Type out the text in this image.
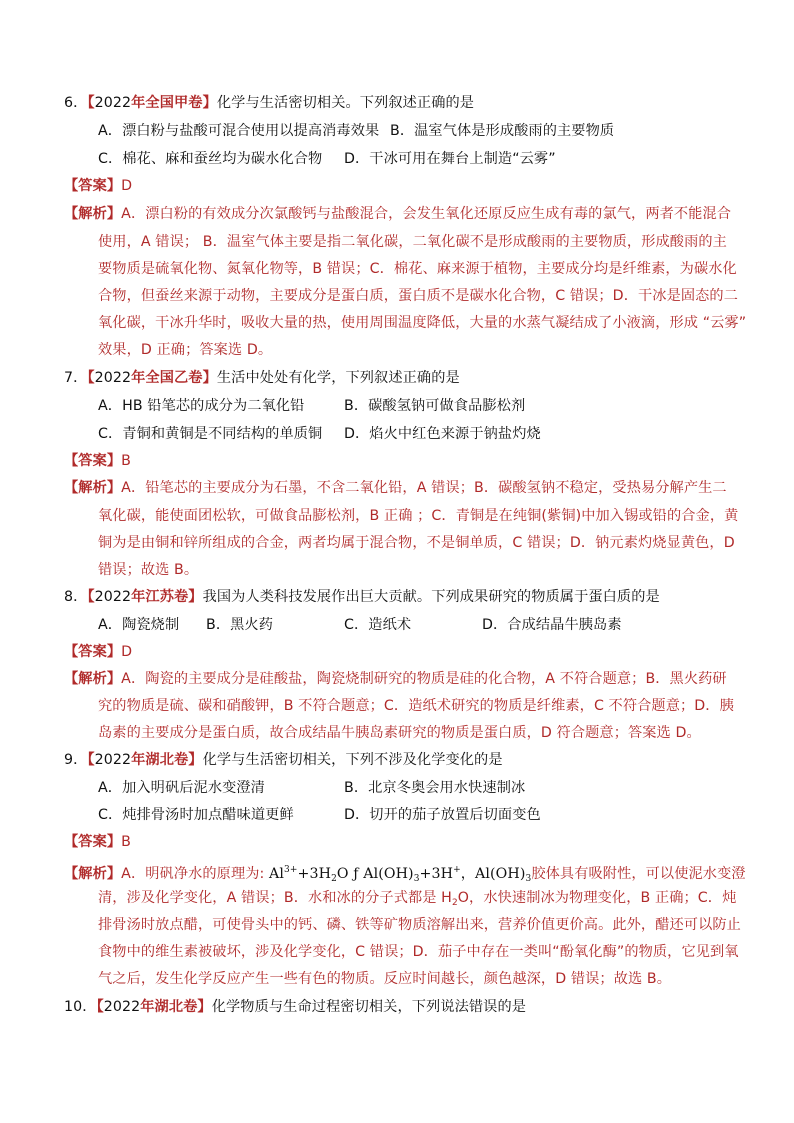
6．【2022年全国甲卷】化学与生活密切相关。下列叙述正确的是
A．漂白粉与盐酸可混合使用以提高消毒效果 B．温室气体是形成酸雨的主要物质
C．棉花、麻和蚕丝均为碳水化合物 D．干冰可用在舞台上制造“云雾”
【答案】D
【解析】A．漂白粉的有效成分次氯酸钙与盐酸混合，会发生氧化还原反应生成有毒的氯气，两者不能混合
使用，A 错误； B．温室气体主要是指二氧化碳，二氧化碳不是形成酸雨的主要物质，形成酸雨的主
要物质是硫氧化物、氮氧化物等，B 错误；C．棉花、麻来源于植物，主要成分均是纤维素，为碳水化
合物，但蚕丝来源于动物，主要成分是蛋白质，蛋白质不是碳水化合物，C 错误；D．干冰是固态的二
氧化碳，干冰升华时，吸收大量的热，使用周围温度降低，大量的水蒸气凝结成了小液滴，形成 “云雾”
效果，D 正确；答案选 D。
7．【2022年全国乙卷】生活中处处有化学，下列叙述正确的是
A．HB 铅笔芯的成分为二氧化铅	B．碳酸氢钠可做食品膨松剂
C．青铜和黄铜是不同结构的单质铜 D．焰火中红色来源于钠盐灼烧
【答案】B
【解析】A．铅笔芯的主要成分为石墨，不含二氧化铅，A 错误；B．碳酸氢钠不稳定，受热易分解产生二
氧化碳，能使面团松软，可做食品膨松剂，B 正确 ；C．青铜是在纯铜(紫铜)中加入锡或铅的合金，黄
铜为是由铜和锌所组成的合金，两者均属于混合物，不是铜单质，C 错误；D．钠元素灼烧显黄色，D
错误；故选 B。
8．【2022年江苏卷】我国为人类科技发展作出巨大贡献。下列成果研究的物质属于蛋白质的是
A．陶瓷烧制 B．黑火药	C．造纸术	D．合成结晶牛胰岛素
【答案】D
【解析】A．陶瓷的主要成分是硅酸盐，陶瓷烧制研究的物质是硅的化合物，A 不符合题意；B．黑火药研
究的物质是硫、碳和硝酸钾，B 不符合题意；C．造纸术研究的物质是纤维素，C 不符合题意；D．胰
岛素的主要成分是蛋白质，故合成结晶牛胰岛素研究的物质是蛋白质，D 符合题意；答案选 D。
9．【2022年湖北卷】化学与生活密切相关，下列不涉及化学变化的是
A．加入明矾后泥水变澄清	B．北京冬奥会用水快速制冰
C．炖排骨汤时加点醋味道更鲜	D．切开的茄子放置后切面变色
【答案】B
【解析】A．明矾净水的原理为: $Al^{3+}+3H_2O$ ƒ $Al(OH)_3+3H^+$，$Al(OH)_3$胶体具有吸附性，可以使泥水变澄
清，涉及化学变化，A 错误；B．水和冰的分子式都是 $H_2O$，水快速制冰为物理变化，B 正确；C．炖
排骨汤时放点醋，可使骨头中的钙、磷、铁等矿物质溶解出来，营养价值更价高。此外，醋还可以防止
食物中的维生素被破坏，涉及化学变化，C 错误；D．茄子中存在一类叫“酚氧化酶”的物质，它见到氧
气之后，发生化学反应产生一些有色的物质。反应时间越长，颜色越深，D 错误；故选 B。
10．【2022年湖北卷】化学物质与生命过程密切相关，下列说法错误的是
